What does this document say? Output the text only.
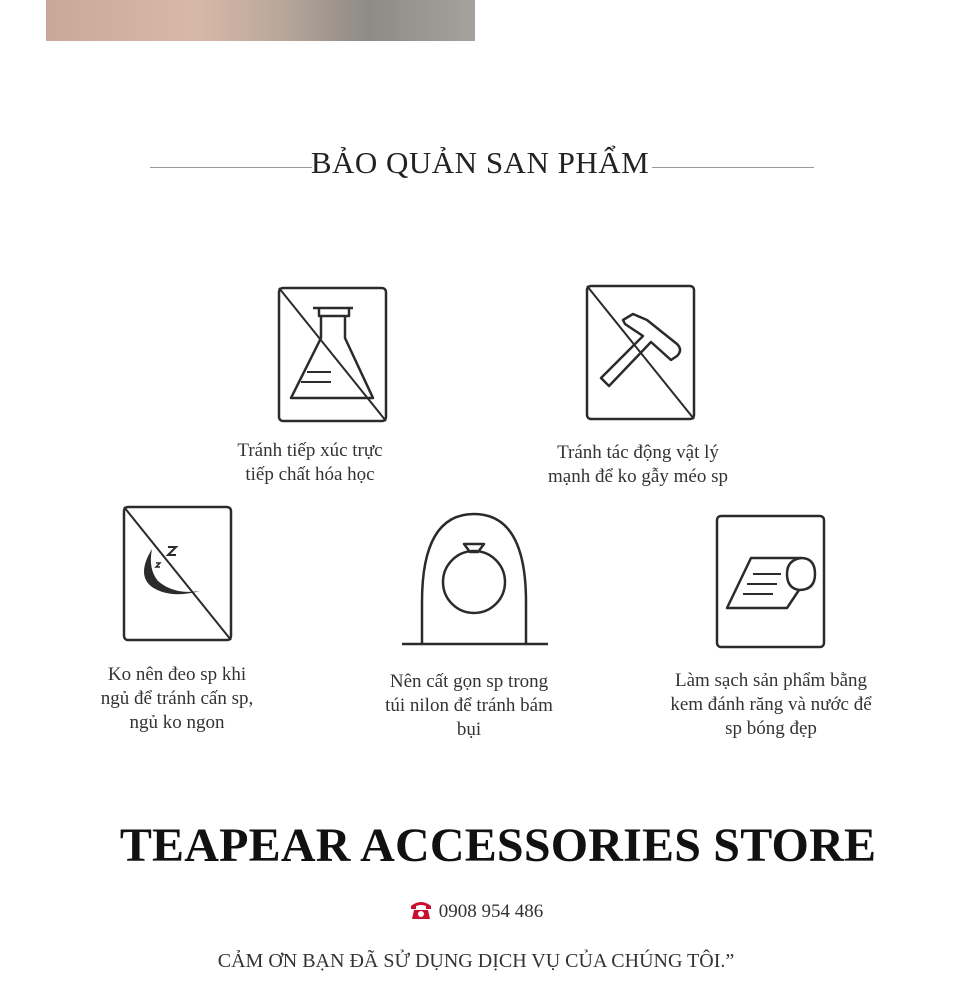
BẢO QUẢN SAN PHẨM
Tránh tiếp xúc trực
tiếp chất hóa học
Tránh tác động vật lý
mạnh để ko gẫy méo sp
Ko nên đeo sp khi
ngủ để tránh cấn sp,
ngủ ko ngon
Nên cất gọn sp trong
túi nilon để tránh bám
bụi
Làm sạch sản phẩm bằng
kem đánh răng và nước để
sp bóng đẹp
TEAPEAR ACCESSORIES STORE
0908 954 486
CẢM ƠN BẠN ĐÃ SỬ DỤNG DỊCH VỤ CỦA CHÚNG TÔI.”
